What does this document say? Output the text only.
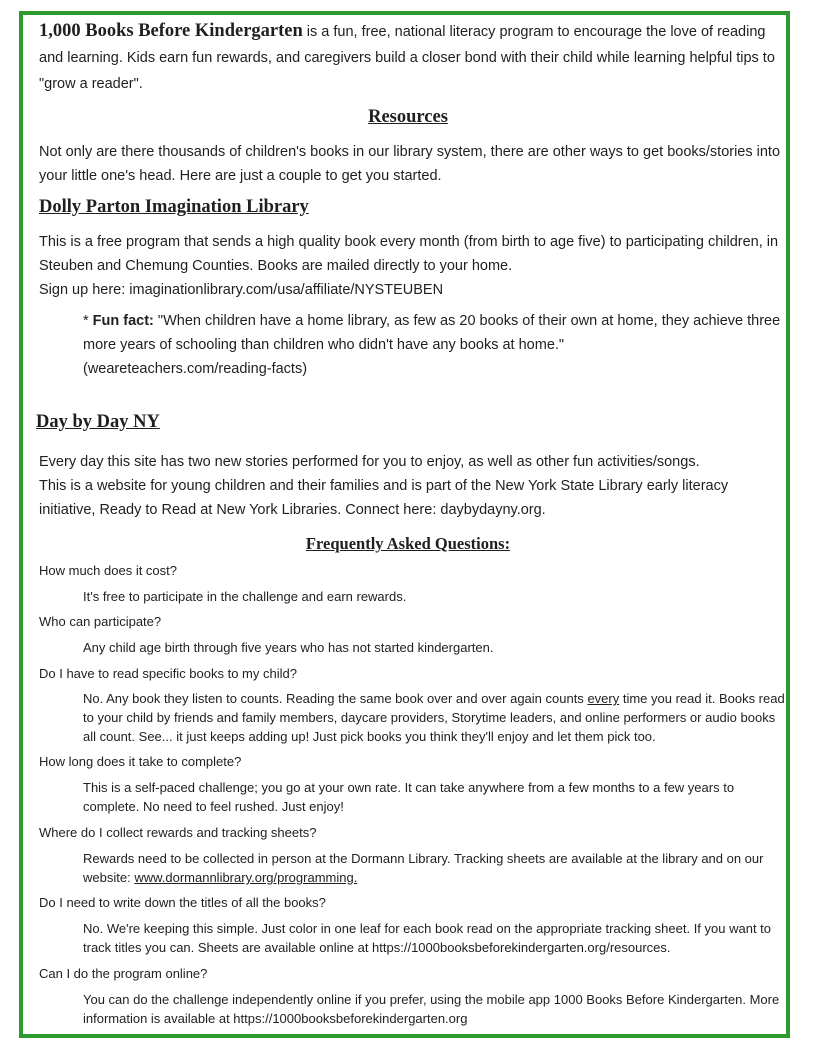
1,000 Books Before Kindergarten is a fun, free, national literacy program to encourage the love of reading and learning. Kids earn fun rewards, and caregivers build a closer bond with their child while learning helpful tips to "grow a reader".
Resources
Not only are there thousands of children's books in our library system, there are other ways to get books/stories into your little one's head. Here are just a couple to get you started.
Dolly Parton Imagination Library
This is a free program that sends a high quality book every month (from birth to age five) to participating children, in Steuben and Chemung Counties. Books are mailed directly to your home.
Sign up here: imaginationlibrary.com/usa/affiliate/NYSTEUBEN
* Fun fact: "When children have a home library, as few as 20 books of their own at home, they achieve three more years of schooling than children who didn't have any books at home."
(weareteachers.com/reading-facts)
Day by Day NY
Every day this site has two new stories performed for you to enjoy, as well as other fun activities/songs.
This is a website for young children and their families and is part of the New York State Library early literacy initiative, Ready to Read at New York Libraries. Connect here: daybydayny.org.
Frequently Asked Questions:
How much does it cost?
It's free to participate in the challenge and earn rewards.
Who can participate?
Any child age birth through five years who has not started kindergarten.
Do I have to read specific books to my child?
No. Any book they listen to counts. Reading the same book over and over again counts every time you read it. Books read to your child by friends and family members, daycare providers, Storytime leaders, and online performers or audio books all count. See... it just keeps adding up! Just pick books you think they'll enjoy and let them pick too.
How long does it take to complete?
This is a self-paced challenge; you go at your own rate. It can take anywhere from a few months to a few years to complete. No need to feel rushed. Just enjoy!
Where do I collect rewards and tracking sheets?
Rewards need to be collected in person at the Dormann Library. Tracking sheets are available at the library and on our website: www.dormannlibrary.org/programming.
Do I need to write down the titles of all the books?
No. We're keeping this simple. Just color in one leaf for each book read on the appropriate tracking sheet. If you want to track titles you can. Sheets are available online at https://1000booksbeforekindergarten.org/resources.
Can I do the program online?
You can do the challenge independently online if you prefer, using the mobile app 1000 Books Before Kindergarten. More information is available at https://1000booksbeforekindergarten.org
